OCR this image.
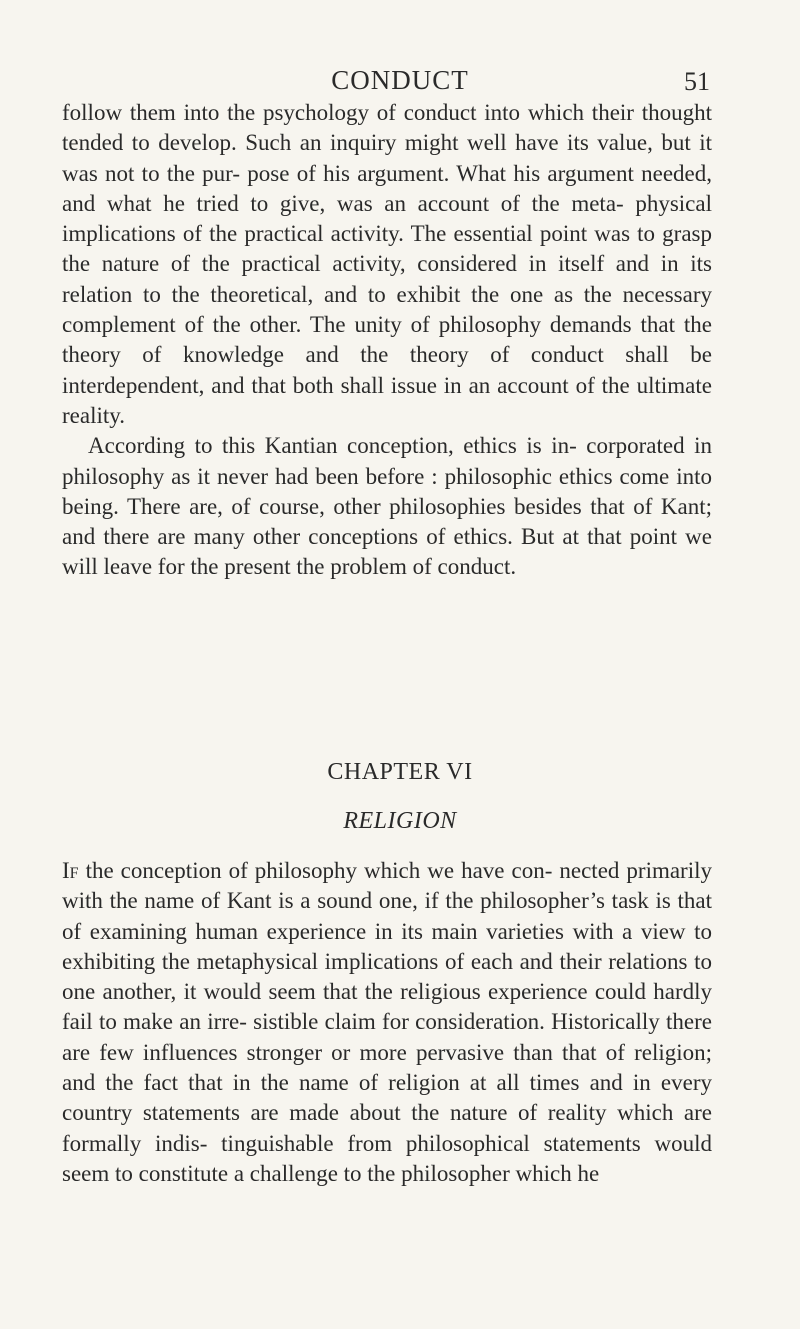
CONDUCT	51

follow them into the psychology of conduct into which their thought tended to develop. Such an inquiry might well have its value, but it was not to the pur- pose of his argument. What his argument needed, and what he tried to give, was an account of the meta- physical implications of the practical activity. The essential point was to grasp the nature of the practical activity, considered in itself and in its relation to the theoretical, and to exhibit the one as the necessary complement of the other. The unity of philosophy demands that the theory of knowledge and the theory of conduct shall be interdependent, and that both shall issue in an account of the ultimate reality.

According to this Kantian conception, ethics is in- corporated in philosophy as it never had been before : philosophic ethics come into being. There are, of course, other philosophies besides that of Kant; and there are many other conceptions of ethics. But at that point we will leave for the present the problem of conduct.

CHAPTER VI
RELIGION

If the conception of philosophy which we have con- nected primarily with the name of Kant is a sound one, if the philosopher’s task is that of examining human experience in its main varieties with a view to exhibiting the metaphysical implications of each and their relations to one another, it would seem that the religious experience could hardly fail to make an irre- sistible claim for consideration. Historically there are few influences stronger or more pervasive than that of religion; and the fact that in the name of religion at all times and in every country statements are made about the nature of reality which are formally indis- tinguishable from philosophical statements would seem to constitute a challenge to the philosopher which he
